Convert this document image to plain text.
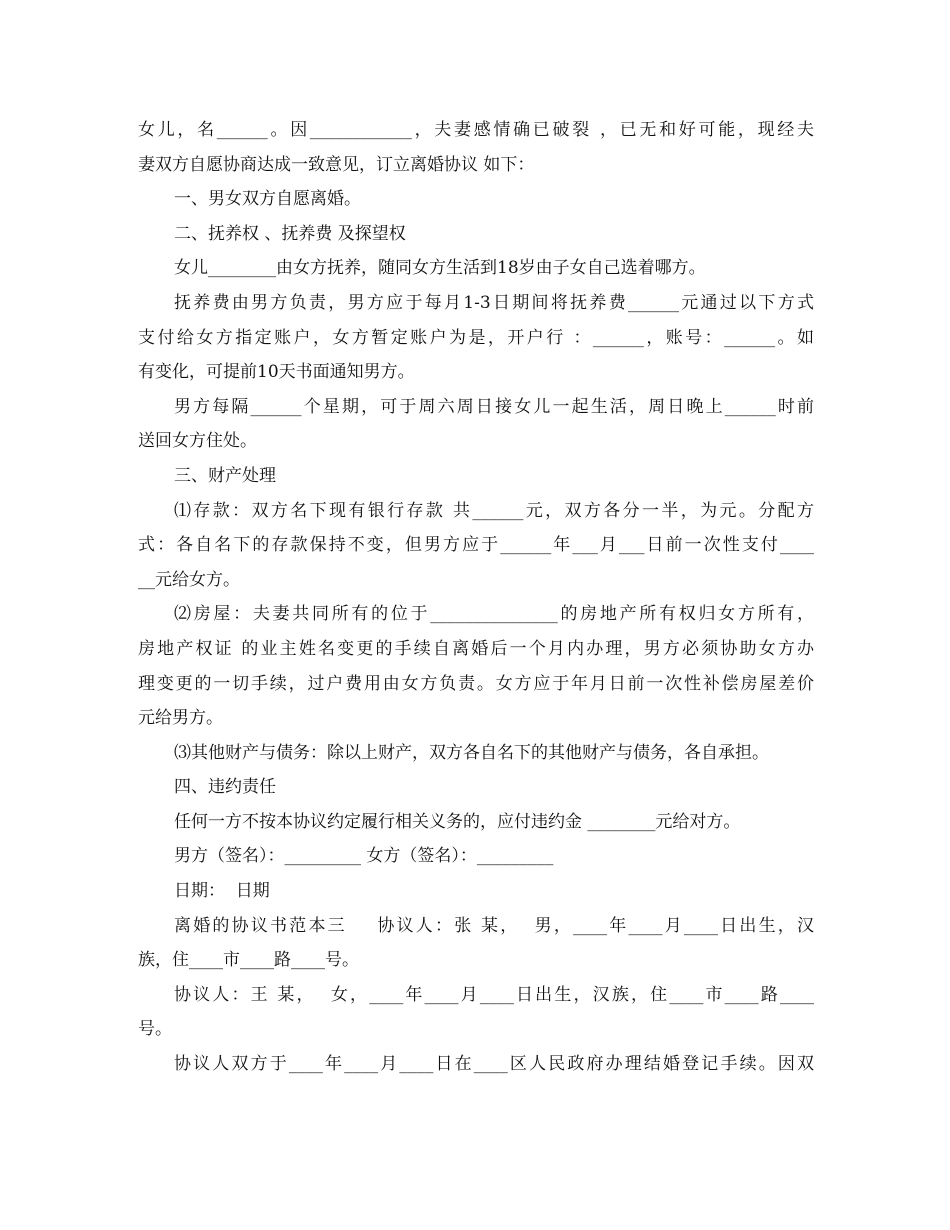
女儿，名______。因____________，夫妻感情确已破裂 ，已无和好可能，现经夫
妻双方自愿协商达成一致意见，订立离婚协议 如下：
一、男女双方自愿离婚。
二、抚养权 、抚养费 及探望权
女儿________由女方抚养，随同女方生活到18岁由子女自己选着哪方。
抚养费由男方负责，男方应于每月1-3日期间将抚养费______元通过以下方式
支付给女方指定账户，女方暂定账户为是，开户行 ：______，账号：______。如
有变化，可提前10天书面通知男方。
男方每隔______个星期，可于周六周日接女儿一起生活，周日晚上______时前
送回女方住处。
三、财产处理
⑴存款：双方名下现有银行存款 共______元，双方各分一半，为元。分配方
式：各自名下的存款保持不变，但男方应于______年___月___日前一次性支付____
__元给女方。
⑵房屋：夫妻共同所有的位于_______________的房地产所有权归女方所有，
房地产权证 的业主姓名变更的手续自离婚后一个月内办理，男方必须协助女方办
理变更的一切手续，过户费用由女方负责。女方应于年月日前一次性补偿房屋差价
元给男方。
⑶其他财产与债务：除以上财产，双方各自名下的其他财产与债务，各自承担。
四、违约责任
任何一方不按本协议约定履行相关义务的，应付违约金 ________元给对方。
男方（签名）：_________ 女方（签名）：_________
日期：  日期
离婚的协议书范本三    协议人：张 某，  男，____年____月____日出生，汉
族，住____市____路____号。
协议人：王 某，  女，____年____月____日出生，汉族，住____市____路____
号。
协议人双方于____年____月____日在____区人民政府办理结婚登记手续。因双
